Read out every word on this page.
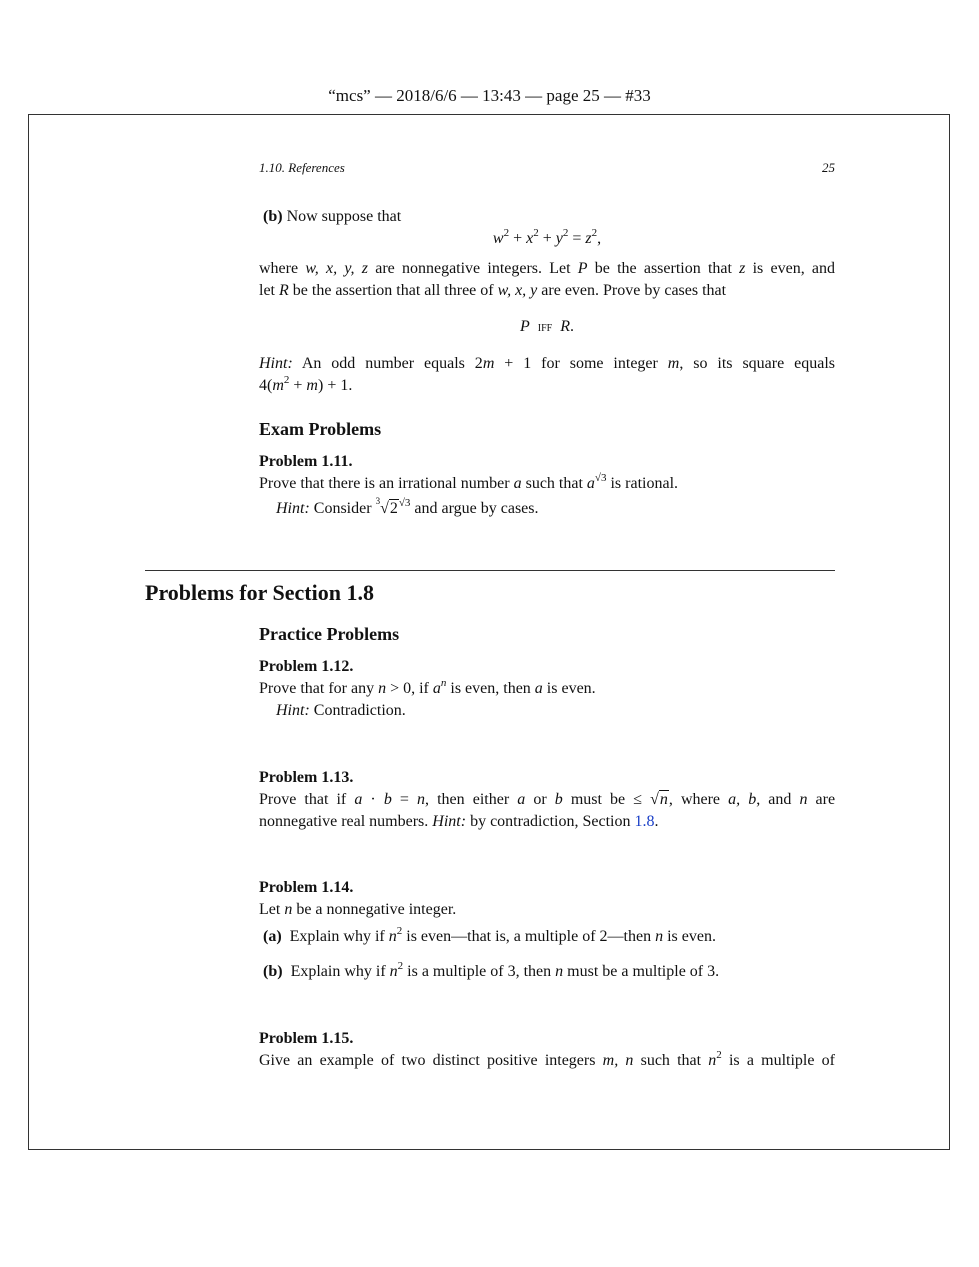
“mcs” — 2018/6/6 — 13:43 — page 25 — #33
1.10. References	25
(b) Now suppose that
$w^2 + x^2 + y^2 = z^2$,
where w, x, y, z are nonnegative integers. Let P be the assertion that z is even, and
let R be the assertion that all three of w, x, y are even. Prove by cases that
P iff R.
Hint: An odd number equals 2m + 1 for some integer m, so its square equals
$4(m^2 + m) + 1$.
Exam Problems
Problem 1.11.
Prove that there is an irrational number a such that $a^{√3}$ is rational.
Hint: Consider $^3√2^{√3}$ and argue by cases.
Problems for Section 1.8
Practice Problems
Problem 1.12.
Prove that for any n > 0, if $a^n$ is even, then a is even.
Hint: Contradiction.
Problem 1.13.
Prove that if a · b = n, then either a or b must be ≤ √n, where a, b, and n are
nonnegative real numbers. Hint: by contradiction, Section 1.8.
Problem 1.14.
Let n be a nonnegative integer.
(a) Explain why if $n^2$ is even—that is, a multiple of 2—then n is even.
(b) Explain why if $n^2$ is a multiple of 3, then n must be a multiple of 3.
Problem 1.15.
Give an example of two distinct positive integers m, n such that $n^2$ is a multiple of
